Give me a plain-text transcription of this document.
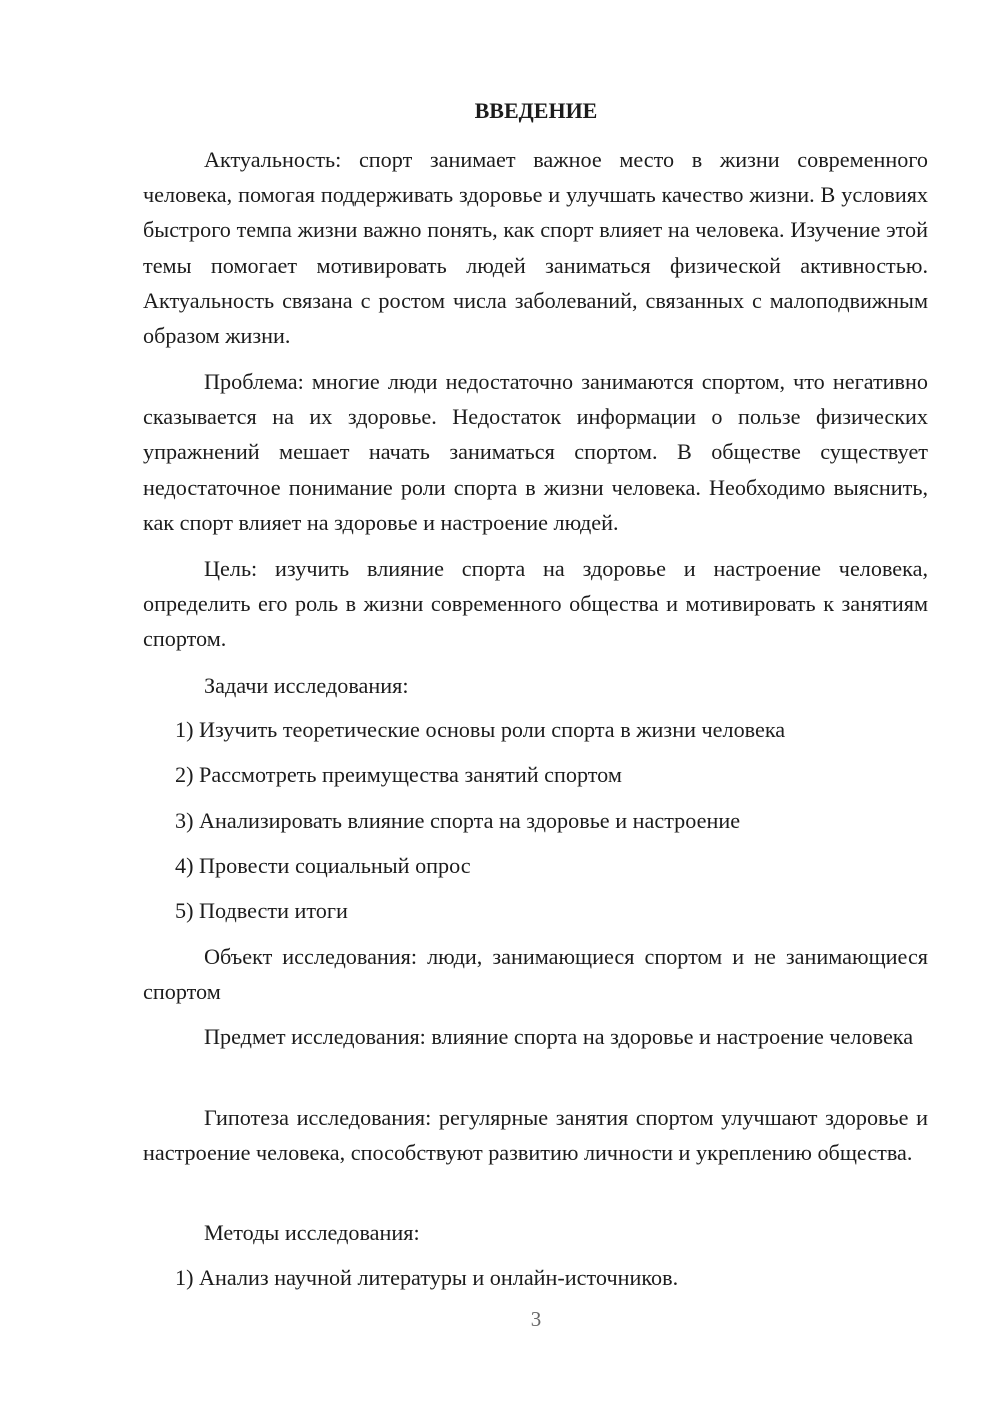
ВВЕДЕНИЕ

Актуальность: спорт занимает важное место в жизни современного человека, помогая поддерживать здоровье и улучшать качество жизни. В условиях быстрого темпа жизни важно понять, как спорт влияет на человека. Изучение этой темы помогает мотивировать людей заниматься физической активностью. Актуальность связана с ростом числа заболеваний, связанных с малоподвижным образом жизни.

Проблема: многие люди недостаточно занимаются спортом, что негативно сказывается на их здоровье. Недостаток информации о пользе физических упражнений мешает начать заниматься спортом. В обществе существует недостаточное понимание роли спорта в жизни человека. Необходимо выяснить, как спорт влияет на здоровье и настроение людей.

Цель: изучить влияние спорта на здоровье и настроение человека, определить его роль в жизни современного общества и мотивировать к занятиям спортом.

Задачи исследования:

1) Изучить теоретические основы роли спорта в жизни человека
2) Рассмотреть преимущества занятий спортом
3) Анализировать влияние спорта на здоровье и настроение
4) Провести социальный опрос
5) Подвести итоги

Объект исследования: люди, занимающиеся спортом и не занимающиеся спортом

Предмет исследования: влияние спорта на здоровье и настроение человека

Гипотеза исследования: регулярные занятия спортом улучшают здоровье и настроение человека, способствуют развитию личности и укреплению общества.

Методы исследования:

1) Анализ научной литературы и онлайн-источников.
3
